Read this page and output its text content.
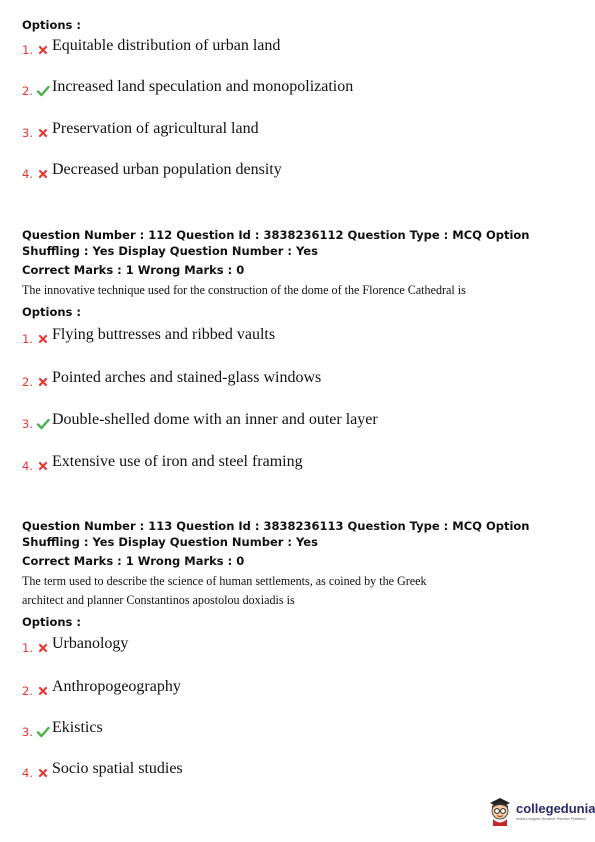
Options :
1. Equitable distribution of urban land
2. Increased land speculation and monopolization
3. Preservation of agricultural land
4. Decreased urban population density
Question Number : 112 Question Id : 3838236112 Question Type : MCQ Option Shuffling : Yes Display Question Number : Yes
Correct Marks : 1 Wrong Marks : 0
The innovative technique used for the construction of the dome of the Florence Cathedral is
Options :
1. Flying buttresses and ribbed vaults
2. Pointed arches and stained-glass windows
3. Double-shelled dome with an inner and outer layer
4. Extensive use of iron and steel framing
Question Number : 113 Question Id : 3838236113 Question Type : MCQ Option Shuffling : Yes Display Question Number : Yes
Correct Marks : 1 Wrong Marks : 0
The term used to describe the science of human settlements, as coined by the Greek
architect and planner Constantinos apostolou doxiadis is
Options :
1. Urbanology
2. Anthropogeography
3. Ekistics
4. Socio spatial studies
collegedunia
India's largest Student Review Platform
